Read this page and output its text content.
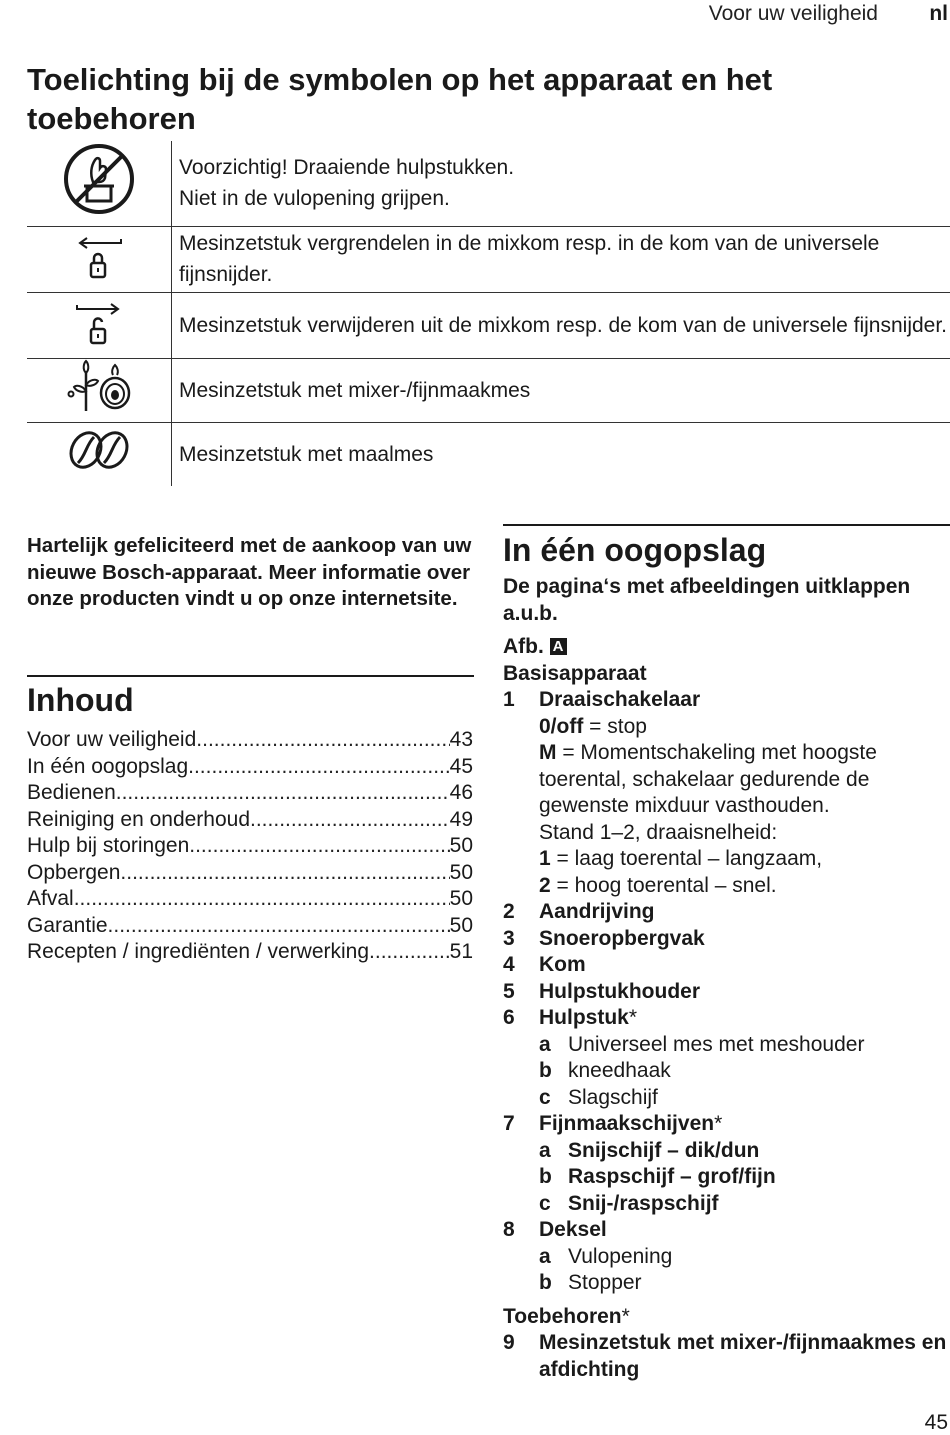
Voor uw veiligheid nl
Toelichting bij de symbolen op het apparaat en het toebehoren

Voorzichtig! Draaiende hulpstukken.
Niet in de vulopening grijpen.

Mesinzetstuk vergrendelen in de mixkom resp. in de kom van de universele fijnsnijder.

Mesinzetstuk verwijderen uit de mixkom resp. de kom van de universele fijnsnijder.

Mesinzetstuk met mixer-/fijnmaakmes

Mesinzetstuk met maalmes
Hartelijk gefeliciteerd met de aankoop van uw nieuwe Bosch-apparaat. Meer informatie over onze producten vindt u op onze internetsite.
Inhoud
Voor uw veiligheid .....	43
In één oogopslag .....	45
Bedienen .....	46
Reiniging en onderhoud .....	49
Hulp bij storingen .....	50
Opbergen .....	50
Afval .....	50
Garantie .....	50
Recepten / ingrediënten / verwerking .....	51
In één oogopslag
De pagina‘s met afbeeldingen uitklappen a.u.b.
Afb. A
Basisapparaat
1 Draaischakelaar
0/off = stop
M = Momentschakeling met hoogste toerental, schakelaar gedurende de gewenste mixduur vasthouden.
Stand 1–2, draaisnelheid:
1 = laag toerental – langzaam,
2 = hoog toerental – snel.
2 Aandrijving
3 Snoeropbergvak
4 Kom
5 Hulpstukhouder
6 Hulpstuk*
a Universeel mes met meshouder
b kneedhaak
c Slagschijf
7 Fijnmaakschijven*
a Snijschijf – dik/dun
b Raspschijf – grof/fijn
c Snij-/raspschijf
8 Deksel
a Vulopening
b Stopper
Toebehoren*
9 Mesinzetstuk met mixer-/fijnmaakmes en afdichting
45
